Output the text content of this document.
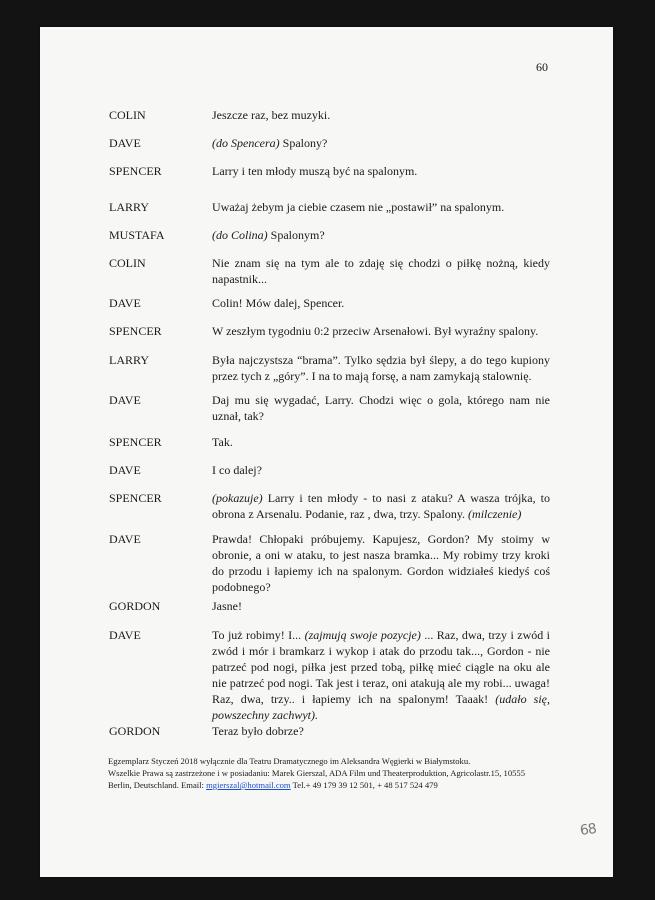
60
COLIN	Jeszcze raz, bez muzyki.
DAVE	(do Spencera) Spalony?
SPENCER	Larry i ten młody muszą być na spalonym.
LARRY	Uważaj żebym ja ciebie czasem nie „postawił” na spalonym.
MUSTAFA	(do Colina) Spalonym?
COLIN	Nie znam się na tym ale to zdaję się chodzi o piłkę nożną, kiedy napastnik...
DAVE	Colin! Mów dalej, Spencer.
SPENCER	W zeszłym tygodniu 0:2 przeciw Arsenałowi. Był wyraźny spalony.
LARRY	Była najczystsza “brama”. Tylko sędzia był ślepy, a do tego kupiony przez tych z „góry”. I na to mają forsę, a nam zamykają stalownię.
DAVE	Daj mu się wygadać, Larry. Chodzi więc o gola, którego nam nie uznał, tak?
SPENCER	Tak.
DAVE	I co dalej?
SPENCER	(pokazuje) Larry i ten młody - to nasi z ataku? A wasza trójka, to obrona z Arsenalu. Podanie, raz , dwa, trzy. Spalony. (milczenie)
DAVE	Prawda! Chłopaki próbujemy. Kapujesz, Gordon? My stoimy w obronie, a oni w ataku, to jest nasza bramka... My robimy trzy kroki do przodu i łapiemy ich na spalonym. Gordon widziałeś kiedyś coś podobnego?
GORDON	Jasne!
DAVE	To już robimy! I... (zajmują swoje pozycje) ... Raz, dwa, trzy i zwód i zwód i mór i bramkarz i wykop i atak do przodu tak..., Gordon - nie patrzeć pod nogi, piłka jest przed tobą, piłkę mieć ciągle na oku ale nie patrzeć pod nogi. Tak jest i teraz, oni atakują ale my robi... uwaga! Raz, dwa, trzy.. i łapiemy ich na spalonym! Taaak! (udało się, powszechny zachwyt).
GORDON	Teraz było dobrze?
Egzemplarz Styczeń 2018 wyłącznie dla Teatru Dramatycznego im Aleksandra Węgierki w Białymstoku.
Wszelkie Prawa są zastrzeżone i w posiadaniu: Marek Gierszal, ADA Film und Theaterproduktion, Agricolastr.15, 10555
Berlin, Deutschland. Email: mgierszal@hotmail.com Tel.+ 49 179 39 12 501, + 48 517 524 479
68
